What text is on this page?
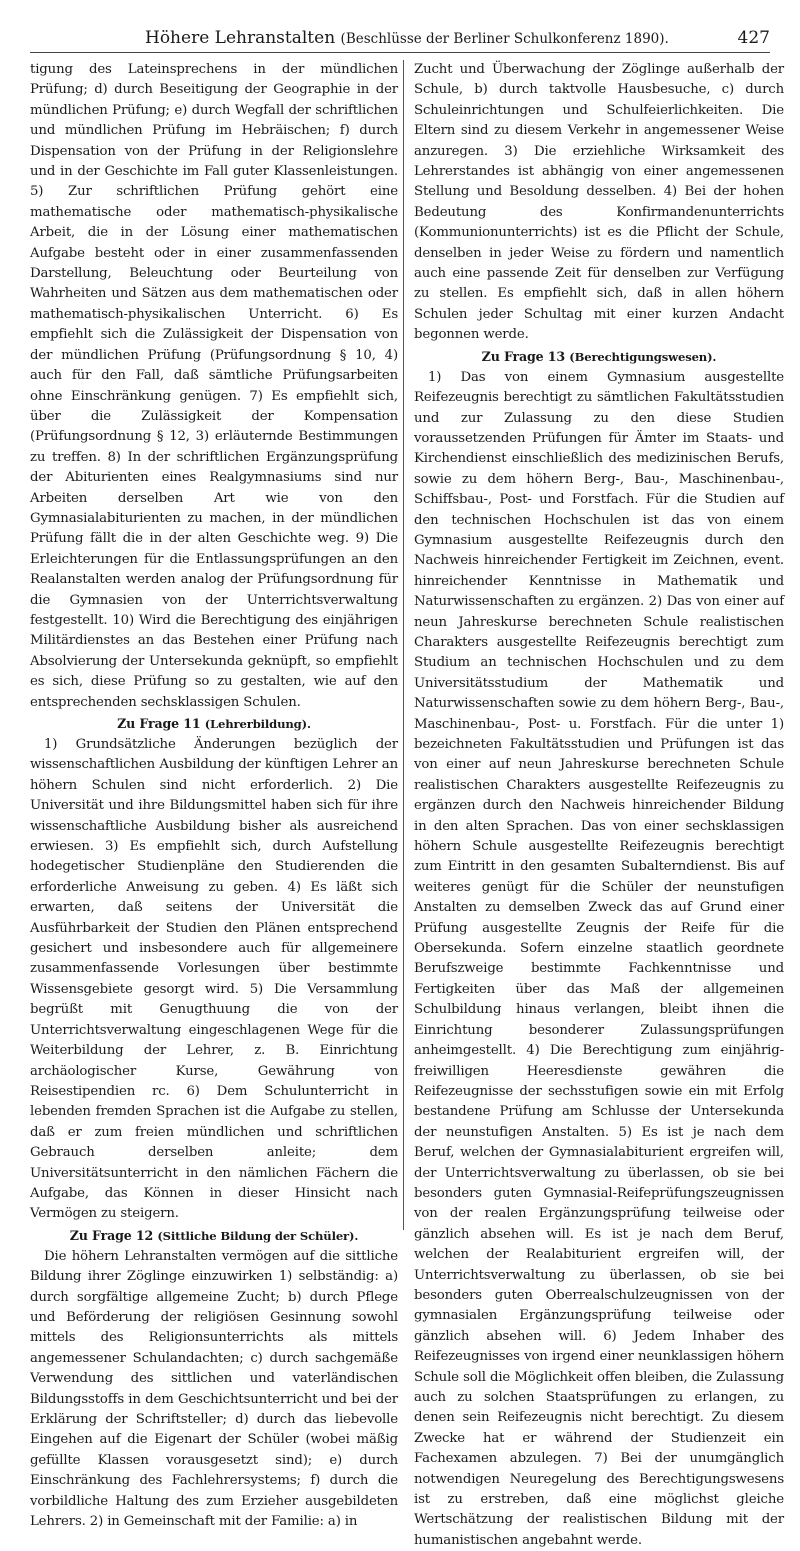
Höhere Lehranstalten (Beschlüsse der Berliner Schulkonferenz 1890).	427

tigung des Lateinsprechens in der mündlichen Prüfung; d) durch Beseitigung der Geographie in der mündlichen Prüfung; e) durch Wegfall der schriftlichen und mündlichen Prüfung im Hebräischen; f) durch Dispensation von der Prüfung in der Religionslehre und in der Geschichte im Fall guter Klassenleistungen. 5) Zur schriftlichen Prüfung gehört eine mathematische oder mathematisch-physikalische Arbeit, die in der Lösung einer mathematischen Aufgabe besteht oder in einer zusammenfassenden Darstellung, Beleuchtung oder Beurteilung von Wahrheiten und Sätzen aus dem mathematischen oder mathematisch-physikalischen Unterricht. 6) Es empfiehlt sich die Zulässigkeit der Dispensation von der mündlichen Prüfung (Prüfungsordnung § 10, 4) auch für den Fall, daß sämtliche Prüfungsarbeiten ohne Einschränkung genügen. 7) Es empfiehlt sich, über die Zulässigkeit der Kompensation (Prüfungsordnung § 12, 3) erläuternde Bestimmungen zu treffen. 8) In der schriftlichen Ergänzungsprüfung der Abiturienten eines Realgymnasiums sind nur Arbeiten derselben Art wie von den Gymnasialabiturienten zu machen, in der mündlichen Prüfung fällt die in der alten Geschichte weg. 9) Die Erleichterungen für die Entlassungsprüfungen an den Realanstalten werden analog der Prüfungsordnung für die Gymnasien von der Unterrichtsverwaltung festgestellt. 10) Wird die Berechtigung des einjährigen Militärdienstes an das Bestehen einer Prüfung nach Absolvierung der Untersekunda geknüpft, so empfiehlt es sich, diese Prüfung so zu gestalten, wie auf den entsprechenden sechsklassigen Schulen.

Zu Frage 11 (Lehrerbildung).

1) Grundsätzliche Änderungen bezüglich der wissenschaftlichen Ausbildung der künftigen Lehrer an höhern Schulen sind nicht erforderlich. 2) Die Universität und ihre Bildungsmittel haben sich für ihre wissenschaftliche Ausbildung bisher als ausreichend erwiesen. 3) Es empfiehlt sich, durch Aufstellung hodegetischer Studienpläne den Studierenden die erforderliche Anweisung zu geben. 4) Es läßt sich erwarten, daß seitens der Universität die Ausführbarkeit der Studien den Plänen entsprechend gesichert und insbesondere auch für allgemeinere zusammenfassende Vorlesungen über bestimmte Wissensgebiete gesorgt wird. 5) Die Versammlung begrüßt mit Genugthuung die von der Unterrichtsverwaltung eingeschlagenen Wege für die Weiterbildung der Lehrer, z. B. Einrichtung archäologischer Kurse, Gewährung von Reisestipendien rc. 6) Dem Schulunterricht in lebenden fremden Sprachen ist die Aufgabe zu stellen, daß er zum freien mündlichen und schriftlichen Gebrauch derselben anleite; dem Universitätsunterricht in den nämlichen Fächern die Aufgabe, das Können in dieser Hinsicht nach Vermögen zu steigern.

Zu Frage 12 (Sittliche Bildung der Schüler).

Die höhern Lehranstalten vermögen auf die sittliche Bildung ihrer Zöglinge einzuwirken 1) selbständig: a) durch sorgfältige allgemeine Zucht; b) durch Pflege und Beförderung der religiösen Gesinnung sowohl mittels des Religionsunterrichts als mittels angemessener Schulandachten; c) durch sachgemäße Verwendung des sittlichen und vaterländischen Bildungsstoffs in dem Geschichtsunterricht und bei der Erklärung der Schriftsteller; d) durch das liebevolle Eingehen auf die Eigenart der Schüler (wobei mäßig gefüllte Klassen vorausgesetzt sind); e) durch Einschränkung des Fachlehrersystems; f) durch die vorbildliche Haltung des zum Erzieher ausgebildeten Lehrers. 2) in Gemeinschaft mit der Familie: a) in

Zucht und Überwachung der Zöglinge außerhalb der Schule, b) durch taktvolle Hausbesuche, c) durch Schuleinrichtungen und Schulfeierlichkeiten. Die Eltern sind zu diesem Verkehr in angemessener Weise anzuregen. 3) Die erziehliche Wirksamkeit des Lehrerstandes ist abhängig von einer angemessenen Stellung und Besoldung desselben. 4) Bei der hohen Bedeutung des Konfirmandenunterrichts (Kommunionunterrichts) ist es die Pflicht der Schule, denselben in jeder Weise zu fördern und namentlich auch eine passende Zeit für denselben zur Verfügung zu stellen. Es empfiehlt sich, daß in allen höhern Schulen jeder Schultag mit einer kurzen Andacht begonnen werde.

Zu Frage 13 (Berechtigungswesen).

1) Das von einem Gymnasium ausgestellte Reifezeugnis berechtigt zu sämtlichen Fakultätsstudien und zur Zulassung zu den diese Studien voraussetzenden Prüfungen für Ämter im Staats- und Kirchendienst einschließlich des medizinischen Berufs, sowie zu dem höhern Berg-, Bau-, Maschinenbau-, Schiffsbau-, Post- und Forstfach. Für die Studien auf den technischen Hochschulen ist das von einem Gymnasium ausgestellte Reifezeugnis durch den Nachweis hinreichender Fertigkeit im Zeichnen, event. hinreichender Kenntnisse in Mathematik und Naturwissenschaften zu ergänzen. 2) Das von einer auf neun Jahreskurse berechneten Schule realistischen Charakters ausgestellte Reifezeugnis berechtigt zum Studium an technischen Hochschulen und zu dem Universitätsstudium der Mathematik und Naturwissenschaften sowie zu dem höhern Berg-, Bau-, Maschinenbau-, Post- u. Forstfach. Für die unter 1) bezeichneten Fakultätsstudien und Prüfungen ist das von einer auf neun Jahreskurse berechneten Schule realistischen Charakters ausgestellte Reifezeugnis zu ergänzen durch den Nachweis hinreichender Bildung in den alten Sprachen. Das von einer sechsklassigen höhern Schule ausgestellte Reifezeugnis berechtigt zum Eintritt in den gesamten Subalterndienst. Bis auf weiteres genügt für die Schüler der neunstufigen Anstalten zu demselben Zweck das auf Grund einer Prüfung ausgestellte Zeugnis der Reife für die Obersekunda. Sofern einzelne staatlich geordnete Berufszweige bestimmte Fachkenntnisse und Fertigkeiten über das Maß der allgemeinen Schulbildung hinaus verlangen, bleibt ihnen die Einrichtung besonderer Zulassungsprüfungen anheimgestellt. 4) Die Berechtigung zum einjährig-freiwilligen Heeresdienste gewähren die Reifezeugnisse der sechsstufigen sowie ein mit Erfolg bestandene Prüfung am Schlusse der Untersekunda der neunstufigen Anstalten. 5) Es ist je nach dem Beruf, welchen der Gymnasialabiturient ergreifen will, der Unterrichtsverwaltung zu überlassen, ob sie bei besonders guten Gymnasial-Reifeprüfungszeugnissen von der realen Ergänzungsprüfung teilweise oder gänzlich absehen will. Es ist je nach dem Beruf, welchen der Realabiturient ergreifen will, der Unterrichtsverwaltung zu überlassen, ob sie bei besonders guten Oberrealschulzeugnissen von der gymnasialen Ergänzungsprüfung teilweise oder gänzlich absehen will. 6) Jedem Inhaber des Reifezeugnisses von irgend einer neunklassigen höhern Schule soll die Möglichkeit offen bleiben, die Zulassung auch zu solchen Staatsprüfungen zu erlangen, zu denen sein Reifezeugnis nicht berechtigt. Zu diesem Zwecke hat er während der Studienzeit ein Fachexamen abzulegen. 7) Bei der unumgänglich notwendigen Neuregelung des Berechtigungswesens ist zu erstreben, daß eine möglichst gleiche Wertschätzung der realistischen Bildung mit der humanistischen angebahnt werde.
